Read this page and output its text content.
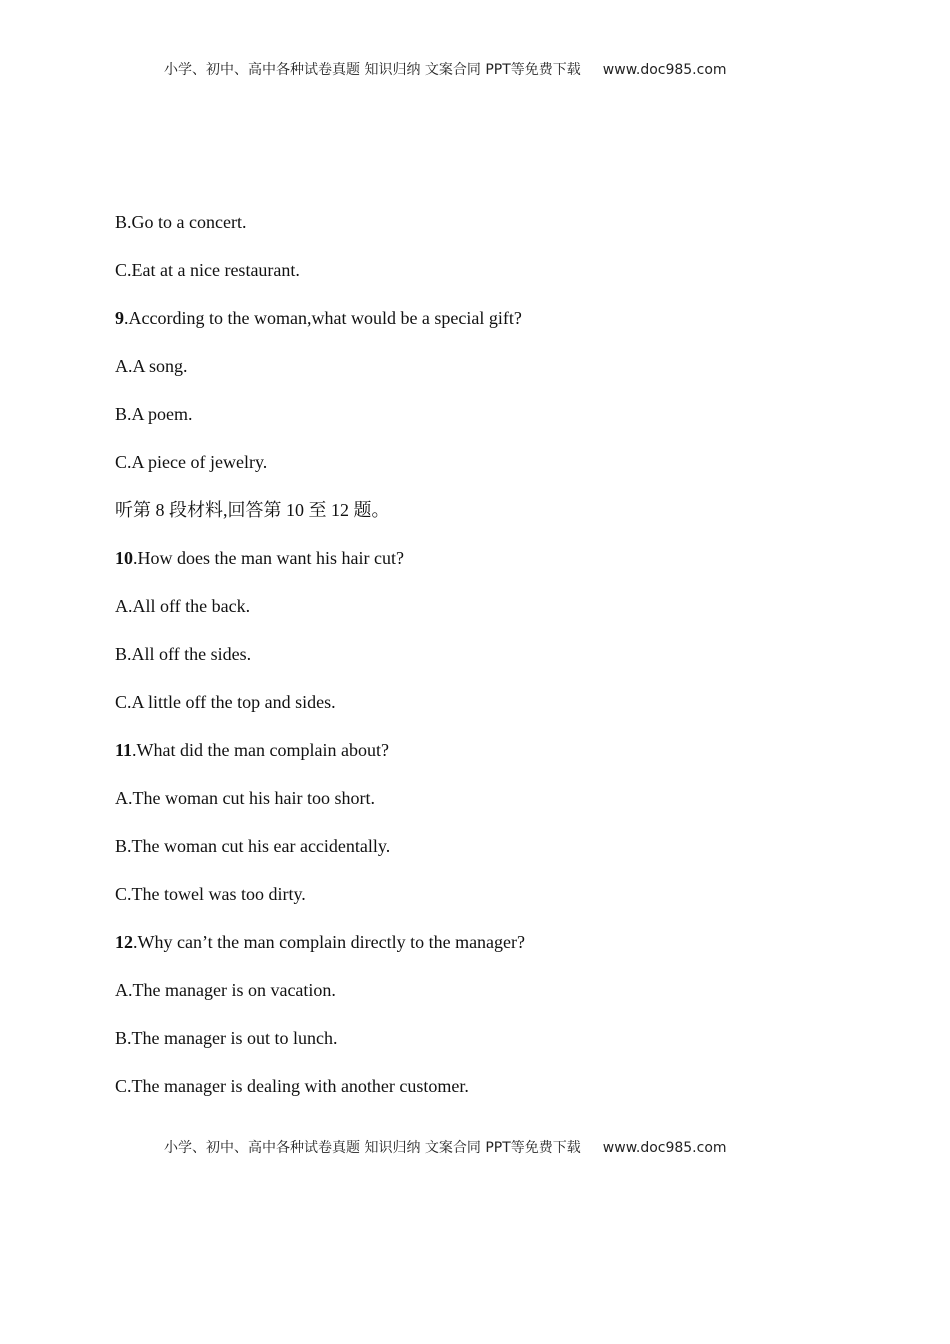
小学、初中、高中各种试卷真题 知识归纳 文案合同 PPT等免费下载 www.doc985.com
B.Go to a concert.
C.Eat at a nice restaurant.
9.According to the woman,what would be a special gift?
A.A song.
B.A poem.
C.A piece of jewelry.
听第 8 段材料,回答第 10 至 12 题。
10.How does the man want his hair cut?
A.All off the back.
B.All off the sides.
C.A little off the top and sides.
11.What did the man complain about?
A.The woman cut his hair too short.
B.The woman cut his ear accidentally.
C.The towel was too dirty.
12.Why can’t the man complain directly to the manager?
A.The manager is on vacation.
B.The manager is out to lunch.
C.The manager is dealing with another customer.
小学、初中、高中各种试卷真题 知识归纳 文案合同 PPT等免费下载 www.doc985.com
